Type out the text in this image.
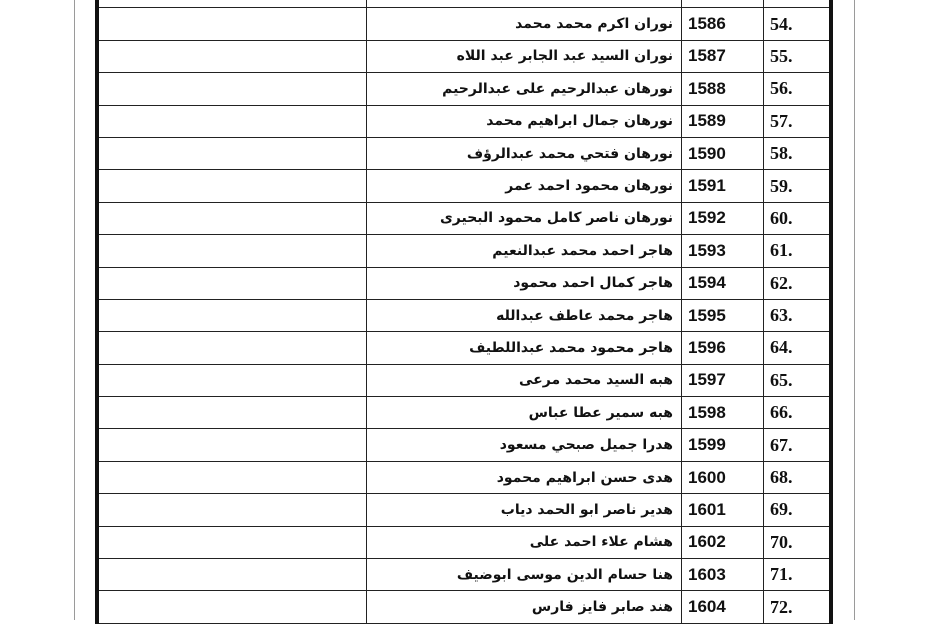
54.
1586
نوران اكرم محمد محمد
55.
1587
نوران السيد عبد الجابر عبد اللاه
56.
1588
نورهان عبدالرحيم على عبدالرحيم
57.
1589
نورهان جمال ابراهيم محمد
58.
1590
نورهان فتحي محمد عبدالرؤف
59.
1591
نورهان محمود احمد عمر
60.
1592
نورهان ناصر كامل محمود البحيرى
61.
1593
هاجر احمد محمد عبدالنعيم
62.
1594
هاجر كمال احمد محمود
63.
1595
هاجر محمد عاطف عبدالله
64.
1596
هاجر محمود محمد عبداللطيف
65.
1597
هبه السيد محمد مرعى
66.
1598
هبه سمير عطا عباس
67.
1599
هدرا جميل صبحي مسعود
68.
1600
هدى حسن ابراهيم محمود
69.
1601
هدير ناصر ابو الحمد دياب
70.
1602
هشام علاء احمد على
71.
1603
هنا حسام الدين موسى ابوضيف
72.
1604
هند صابر فايز فارس
